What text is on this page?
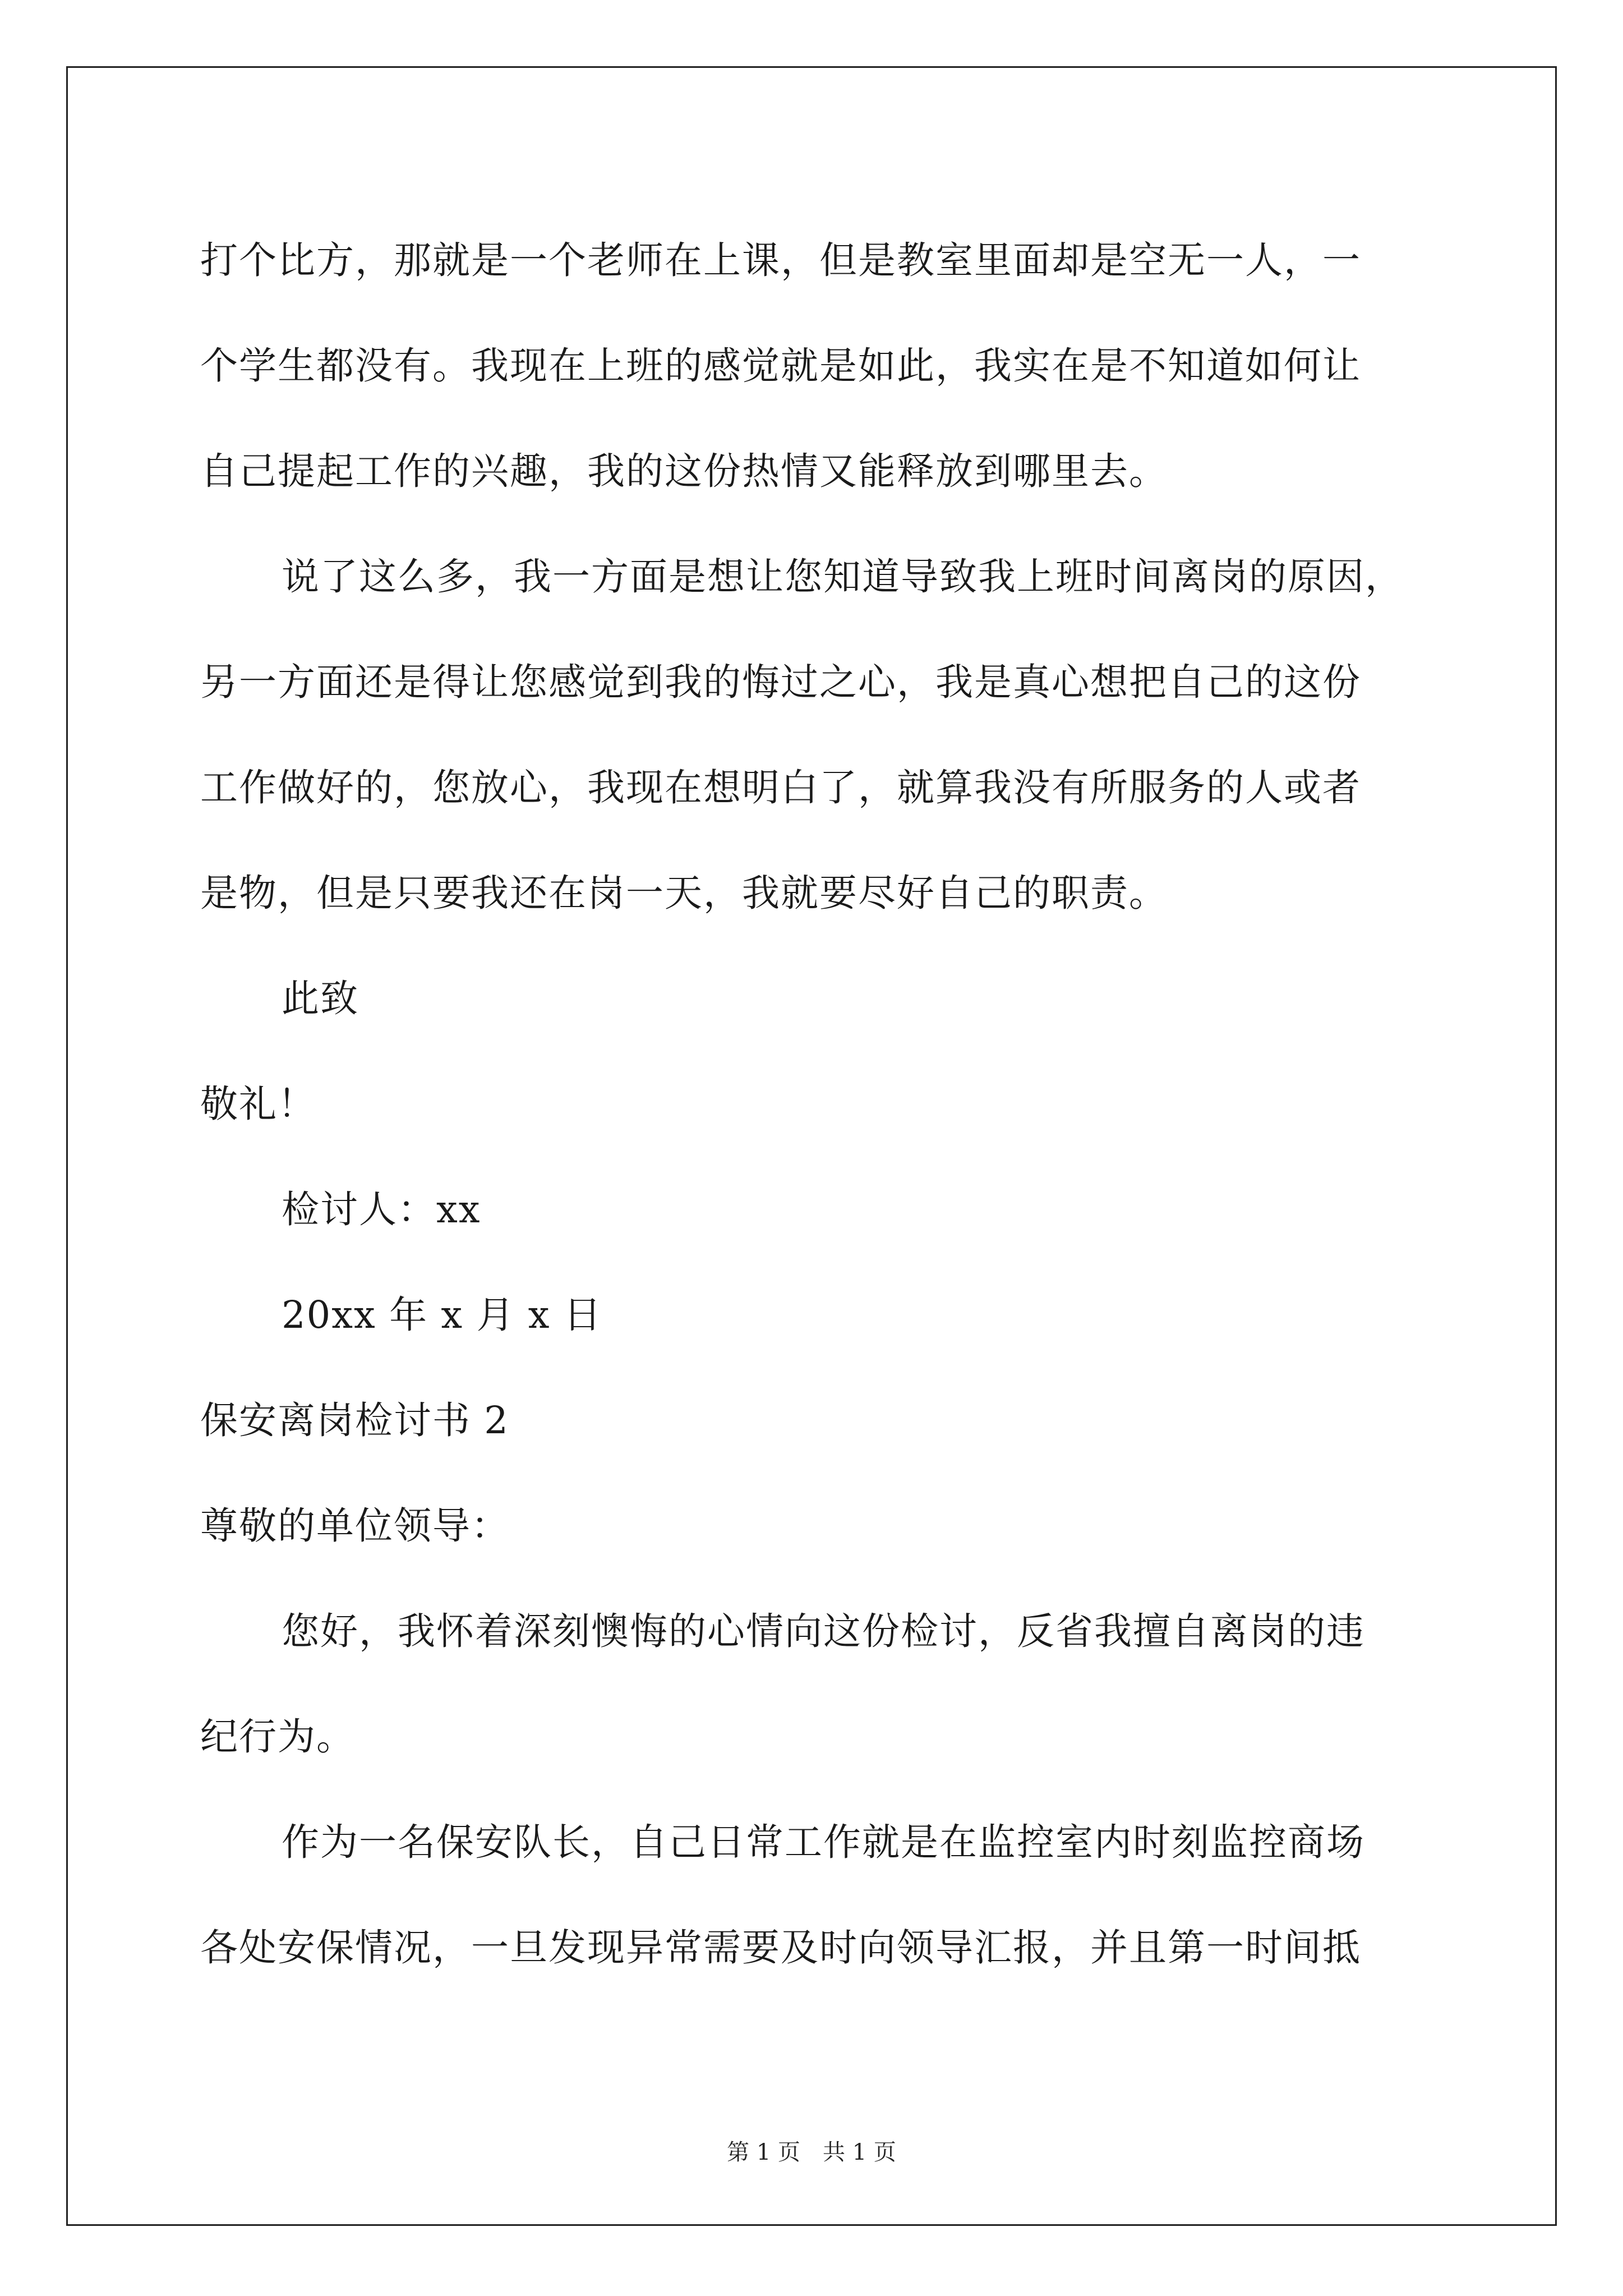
打个比方，那就是一个老师在上课，但是教室里面却是空无一人，一
个学生都没有。我现在上班的感觉就是如此，我实在是不知道如何让
自己提起工作的兴趣，我的这份热情又能释放到哪里去。
说了这么多，我一方面是想让您知道导致我上班时间离岗的原因，
另一方面还是得让您感觉到我的悔过之心，我是真心想把自己的这份
工作做好的，您放心，我现在想明白了，就算我没有所服务的人或者
是物，但是只要我还在岗一天，我就要尽好自己的职责。
此致
敬礼！
检讨人：xx
20xx 年 x 月 x 日
保安离岗检讨书 2
尊敬的单位领导：
您好，我怀着深刻懊悔的心情向这份检讨，反省我擅自离岗的违
纪行为。
作为一名保安队长，自己日常工作就是在监控室内时刻监控商场
各处安保情况，一旦发现异常需要及时向领导汇报，并且第一时间抵
第 1 页　共 1 页
